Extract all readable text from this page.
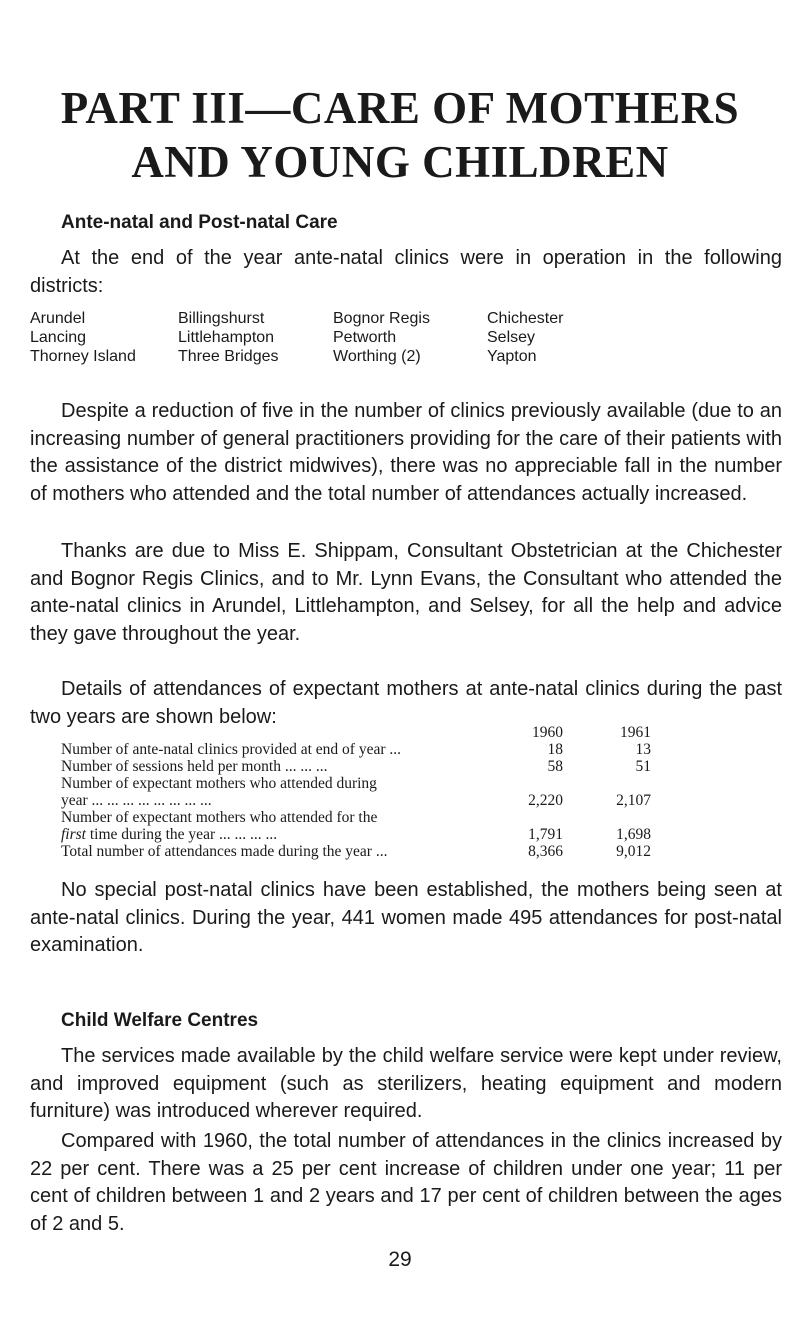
PART III—CARE OF MOTHERS
AND YOUNG CHILDREN
Ante-natal and Post-natal Care

At the end of the year ante-natal clinics were in operation in the following districts:

Arundel	Billingshurst	Bognor Regis	Chichester
Lancing	Littlehampton	Petworth	Selsey
Thorney Island	Three Bridges	Worthing (2)	Yapton

Despite a reduction of five in the number of clinics previously available (due to an increasing number of general practitioners providing for the care of their patients with the assistance of the district midwives), there was no appreciable fall in the number of mothers who attended and the total number of attendances actually increased.

Thanks are due to Miss E. Shippam, Consultant Obstetrician at the Chichester and Bognor Regis Clinics, and to Mr. Lynn Evans, the Consultant who attended the ante-natal clinics in Arundel, Littlehampton, and Selsey, for all the help and advice they gave throughout the year.

Details of attendances of expectant mothers at ante-natal clinics during the past two years are shown below:

1960	1961
Number of ante-natal clinics provided at end of year ...	18	13
Number of sessions held per month ... ... ...	58	51
Number of expectant mothers who attended during
year ... ... ... ... ... ... ... ...	2,220	2,107
Number of expectant mothers who attended for the
first time during the year ... ... ... ...	1,791	1,698
Total number of attendances made during the year ...	8,366	9,012

No special post-natal clinics have been established, the mothers being seen at ante-natal clinics. During the year, 441 women made 495 attendances for post-natal examination.

Child Welfare Centres

The services made available by the child welfare service were kept under review, and improved equipment (such as sterilizers, heating equipment and modern furniture) was introduced wherever required.

Compared with 1960, the total number of attendances in the clinics increased by 22 per cent. There was a 25 per cent increase of children under one year; 11 per cent of children between 1 and 2 years and 17 per cent of children between the ages of 2 and 5.

29
